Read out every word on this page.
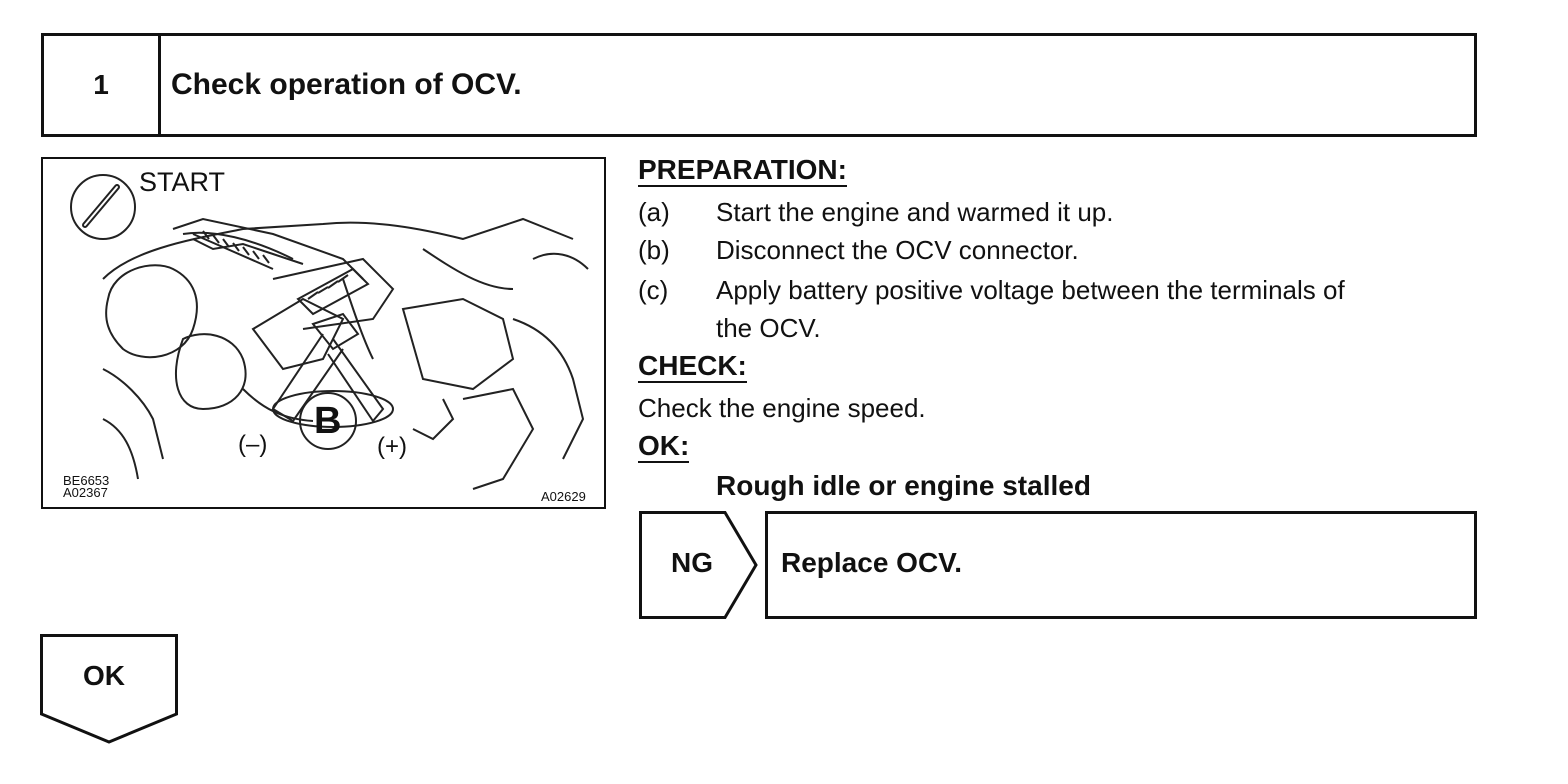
1	Check operation of OCV.
START
B
(–)	(+)
BE6653
A02367	A02629
PREPARATION:
(a) Start the engine and warmed it up.
(b) Disconnect the OCV connector.
(c) Apply battery positive voltage between the terminals of
the OCV.
CHECK:
Check the engine speed.
OK:
Rough idle or engine stalled
NG Replace OCV.
OK
